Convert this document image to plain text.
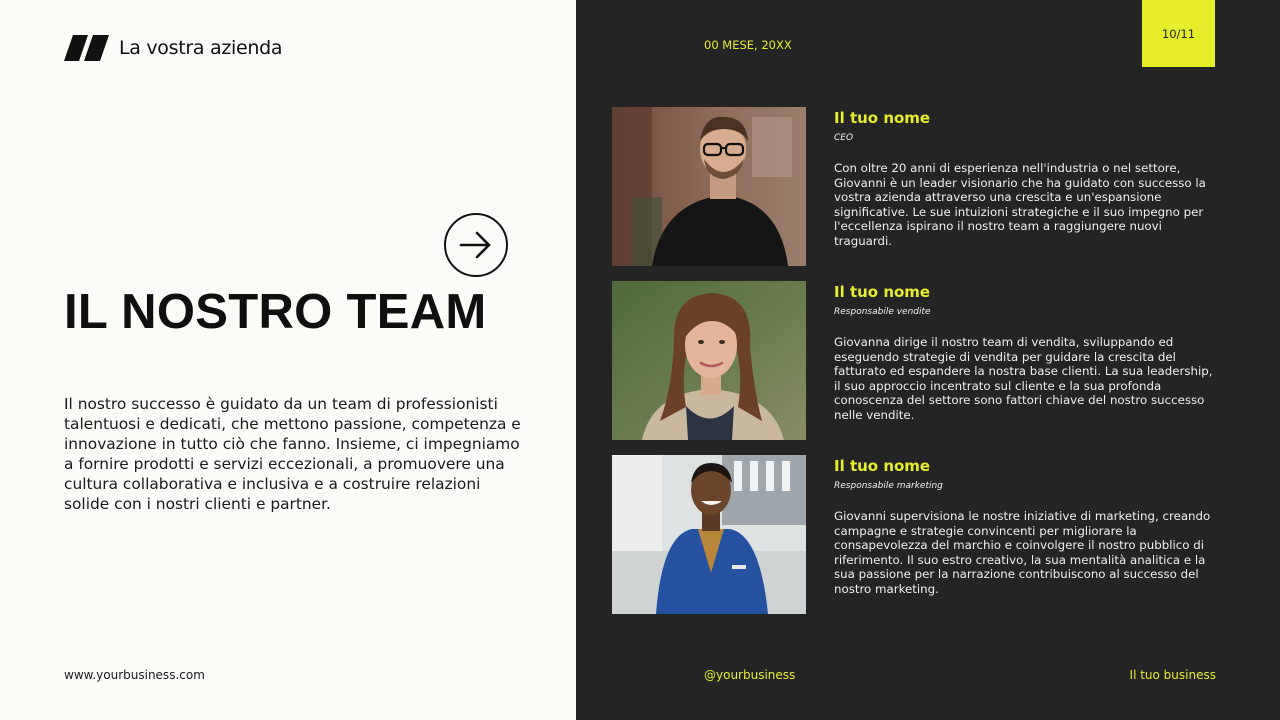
La vostra azienda
IL NOSTRO TEAM

Il nostro successo è guidato da un team di professionisti talentuosi e dedicati, che mettono passione, competenza e innovazione in tutto ciò che fanno. Insieme, ci impegniamo a fornire prodotti e servizi eccezionali, a promuovere una cultura collaborativa e inclusiva e a costruire relazioni solide con i nostri clienti e partner.

www.yourbusiness.com
00 MESE, 20XX
10/11
Il tuo nome
CEO

Con oltre 20 anni di esperienza nell'industria o nel settore, Giovanni è un leader visionario che ha guidato con successo la vostra azienda attraverso una crescita e un'espansione significative. Le sue intuizioni strategiche e il suo impegno per l'eccellenza ispirano il nostro team a raggiungere nuovi traguardi.

Il tuo nome
Responsabile vendite

Giovanna dirige il nostro team di vendita, sviluppando ed eseguendo strategie di vendita per guidare la crescita del fatturato ed espandere la nostra base clienti. La sua leadership, il suo approccio incentrato sul cliente e la sua profonda conoscenza del settore sono fattori chiave del nostro successo nelle vendite.

Il tuo nome
Responsabile marketing

Giovanni supervisiona le nostre iniziative di marketing, creando campagne e strategie convincenti per migliorare la consapevolezza del marchio e coinvolgere il nostro pubblico di riferimento. Il suo estro creativo, la sua mentalità analitica e la sua passione per la narrazione contribuiscono al successo del nostro marketing.

@yourbusiness	Il tuo business
